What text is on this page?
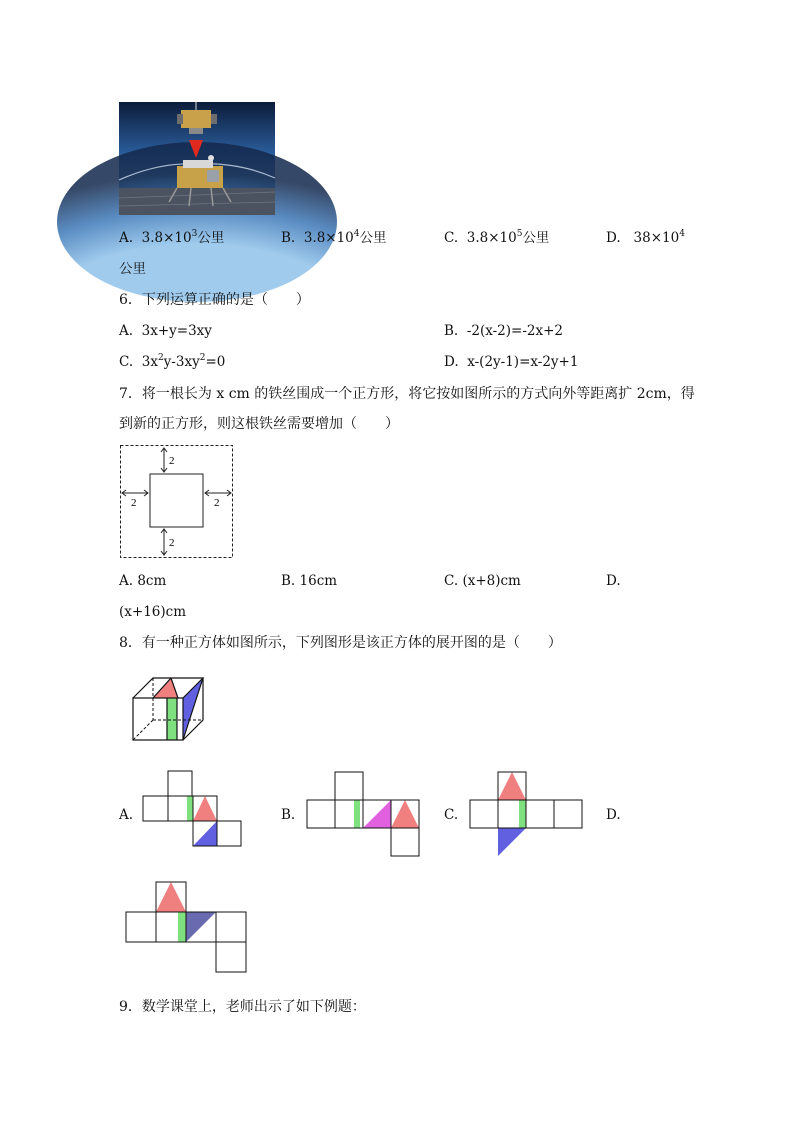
A. $3.8\times 10^3$公里	B. $3.8\times 10^4$公里	C. $3.8\times 10^5$公里	D. $38\times 10^4$
公里
6．下列运算正确的是（　　）
A. 3x+y=3xy	B. -2(x-2)=-2x+2
C. $3x^2y-3xy^2=0$	D. x-(2y-1)=x-2y+1
7．将一根长为 x cm 的铁丝围成一个正方形，将它按如图所示的方式向外等距离扩 2cm，得
到新的正方形，则这根铁丝需要增加（　　）
2
2	2
2
A. 8cm	B. 16cm	C. (x+8)cm	D.
(x+16)cm
8．有一种正方体如图所示，下列图形是该正方体的展开图的是（　　）
A.	B.	C.	D.
9．数学课堂上，老师出示了如下例题：
